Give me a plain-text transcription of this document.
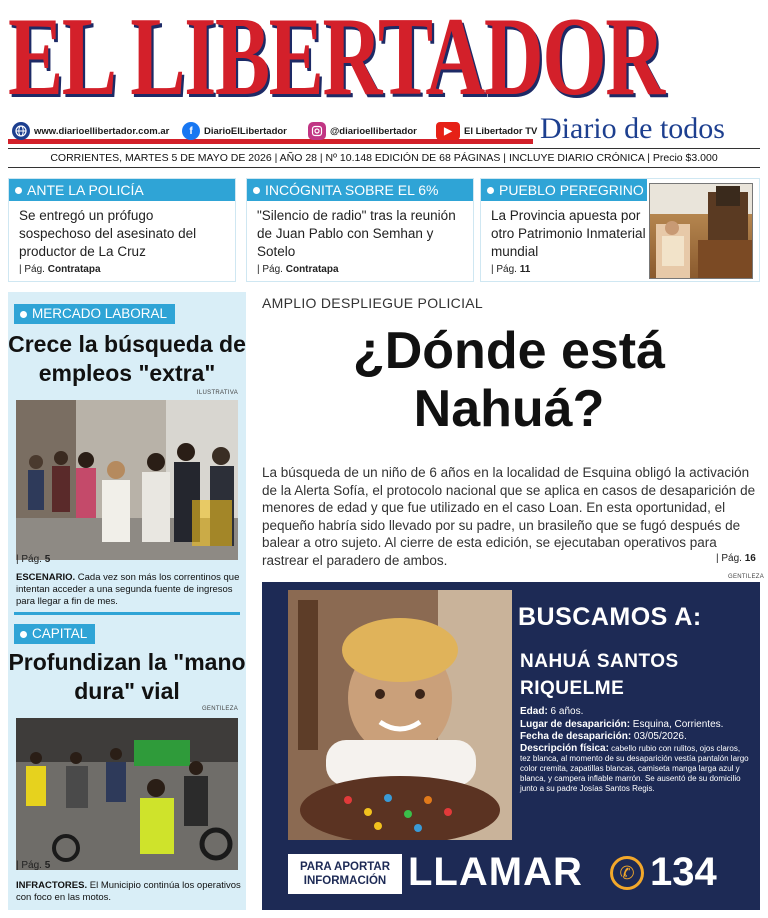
EL LIBERTADOR
www.diarioellibertador.com.ar	f	DiarioElLibertador	@diarioellibertador	▶	El Libertador TV Diario de todos
CORRIENTES, MARTES 5 DE MAYO DE 2026 | AÑO 28 | Nº 10.148 EDICIÓN DE 68 PÁGINAS | INCLUYE DIARIO CRÓNICA | Precio $3.000
ANTE LA POLICÍA
Se entregó un prófugo sospechoso del asesinato del productor de La Cruz
| Pág. Contratapa
INCÓGNITA SOBRE EL 6%
"Silencio de radio" tras la reunión de Juan Pablo con Semhan y Sotelo
| Pág. Contratapa
PUEBLO PEREGRINO
La Provincia apuesta por otro Patrimonio Inmaterial mundial
| Pág. 11
MERCADO LABORAL
Crece la búsqueda de empleos "extra"
ILUSTRATIVA
| Pág. 5
ESCENARIO. Cada vez son más los correntinos que intentan acceder a una segunda fuente de ingresos para llegar a fin de mes.
CAPITAL
Profundizan la "mano dura" vial
GENTILEZA
| Pág. 5
INFRACTORES. El Municipio continúa los operativos con foco en las motos.
AMPLIO DESPLIEGUE POLICIAL
¿Dónde está Nahuá?
La búsqueda de un niño de 6 años en la localidad de Esquina obligó la activación de la Alerta Sofía, el protocolo nacional que se aplica en casos de desaparición de menores de edad y que fue utilizado en el caso Loan. En esta oportunidad, el pequeño habría sido llevado por su padre, un brasileño que se fugó después de balear a otro sujeto. Al cierre de esta edición, se ejecutaban operativos para rastrear el paradero de ambos.	| Pág. 16
GENTILEZA
BUSCAMOS A:
NAHUÁ SANTOS RIQUELME
Edad: 6 años.
Lugar de desaparición: Esquina, Corrientes.
Fecha de desaparición: 03/05/2026.
Descripción física: cabello rubio con rulitos, ojos claros, tez blanca, al momento de su desaparición vestía pantalón largo color cremita, zapatillas blancas, camiseta manga larga azul y blanca, y campera inflable marrón. Se ausentó de su domicilio junto a su padre Josías Santos Regis.
PARA APORTAR INFORMACIÓN LLAMAR	✆ 134
